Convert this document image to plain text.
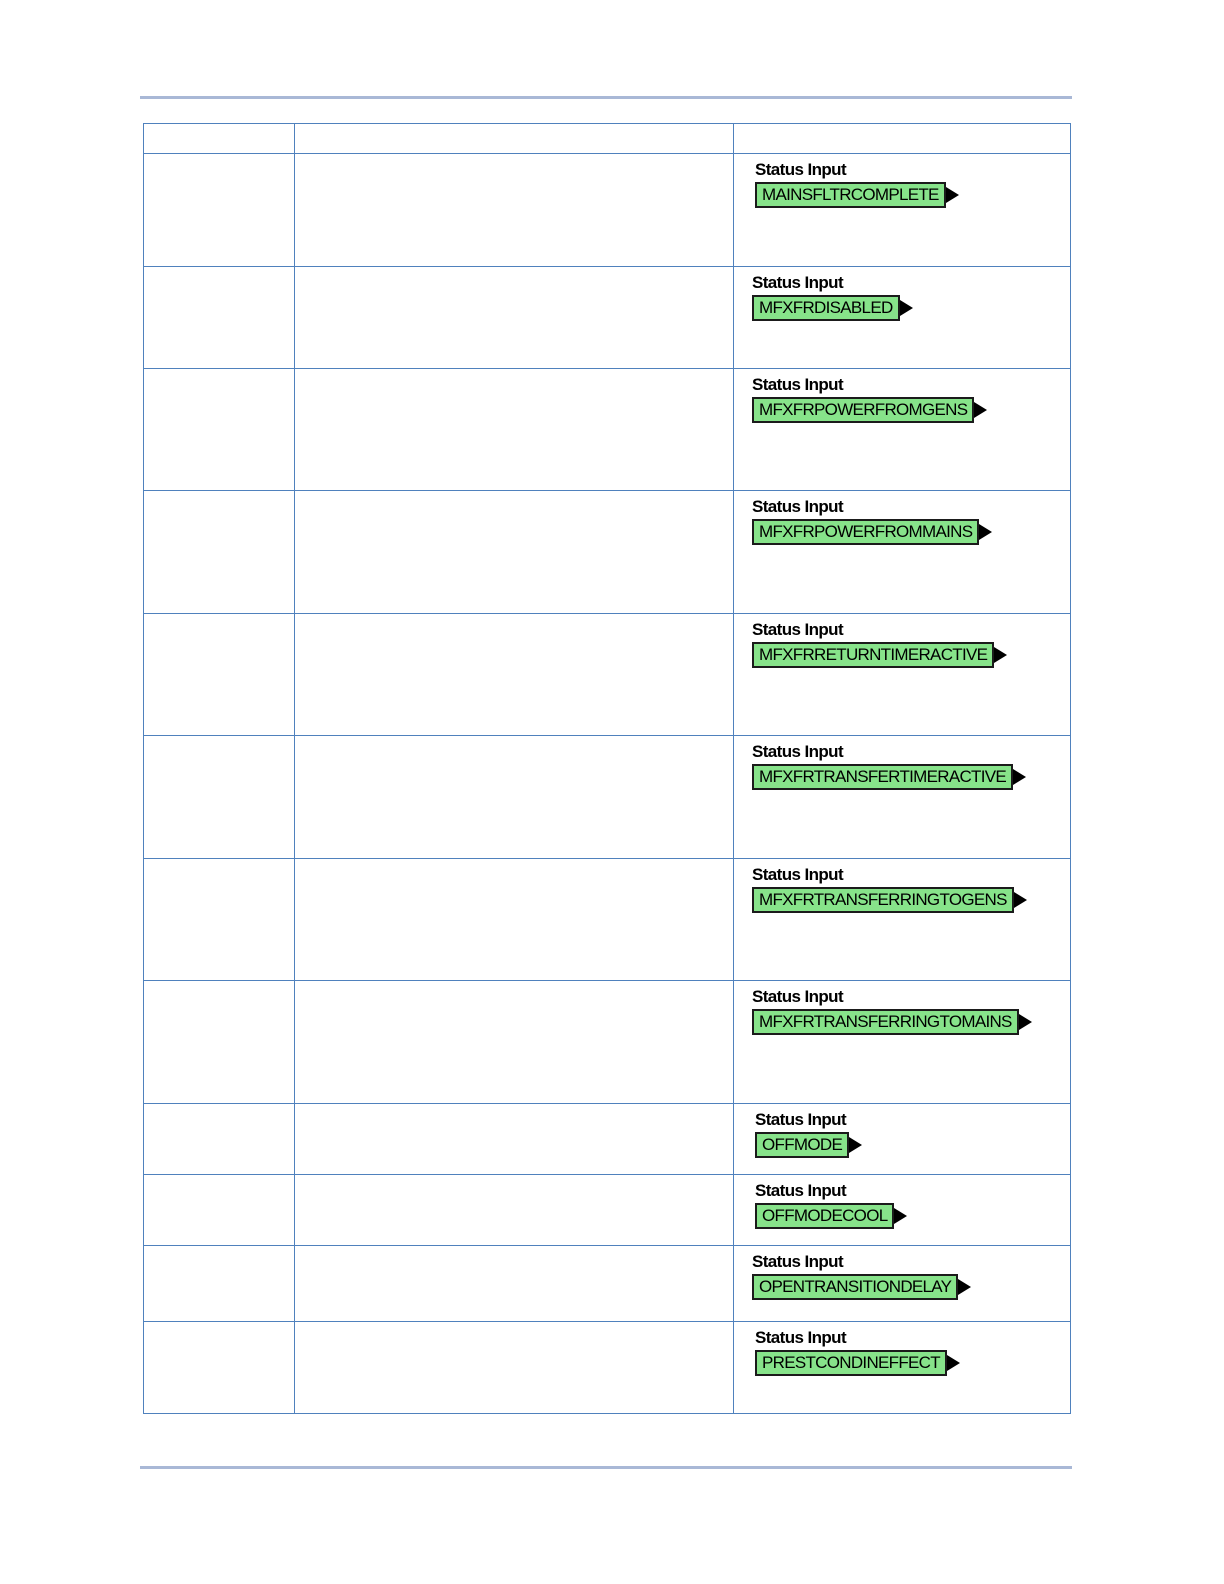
		Status Input
MAINSFLTRCOMPLETE

		Status Input
MFXFRDISABLED

		Status Input
MFXFRPOWERFROMGENS

		Status Input
MFXFRPOWERFROMMAINS

		Status Input
MFXFRRETURNTIMERACTIVE

		Status Input
MFXFRTRANSFERTIMERACTIVE

		Status Input
MFXFRTRANSFERRINGTOGENS

		Status Input
MFXFRTRANSFERRINGTOMAINS

		Status Input
OFFMODE

		Status Input
OFFMODECOOL

		Status Input
OPENTRANSITIONDELAY

		Status Input
PRESTCONDINEFFECT
